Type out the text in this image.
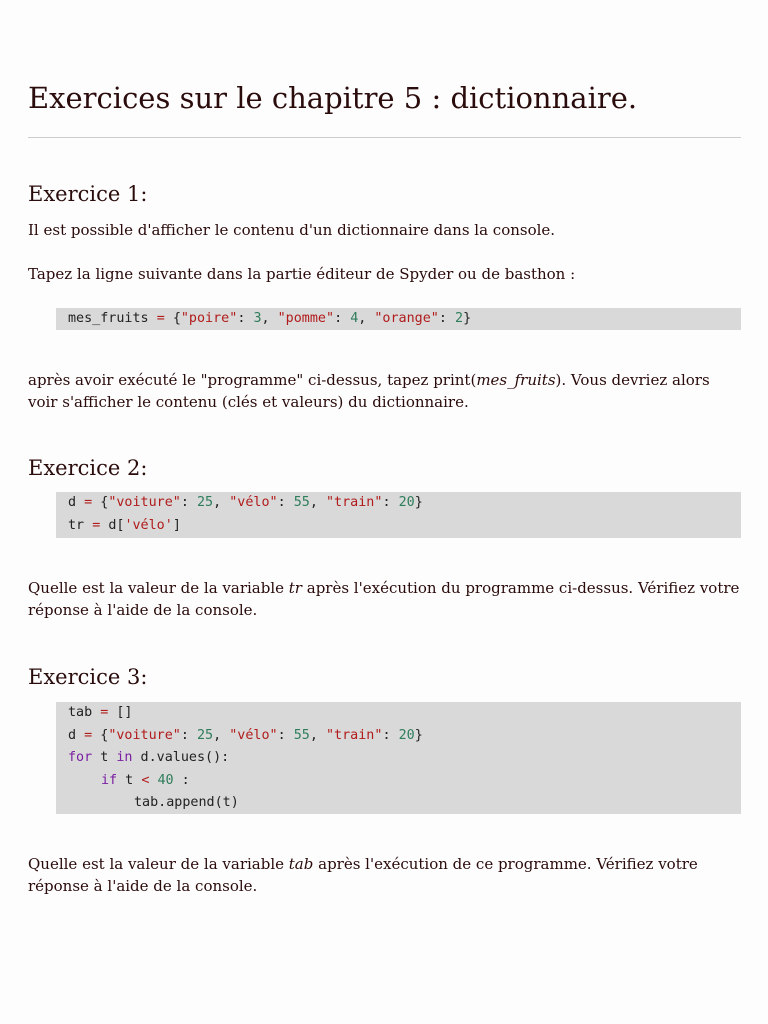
Exercices sur le chapitre 5 : dictionnaire.
Exercice 1:

Il est possible d'afficher le contenu d'un dictionnaire dans la console.

Tapez la ligne suivante dans la partie éditeur de Spyder ou de basthon :

mes_fruits = {"poire": 3, "pomme": 4, "orange": 2}

après avoir exécuté le "programme" ci-dessus, tapez print(mes_fruits). Vous devriez alors voir s'afficher le contenu (clés et valeurs) du dictionnaire.

Exercice 2:
d = {"voiture": 25, "vélo": 55, "train": 20}
tr = d['vélo']

Quelle est la valeur de la variable tr après l'exécution du programme ci-dessus. Vérifiez votre réponse à l'aide de la console.

Exercice 3:
tab = []
d = {"voiture": 25, "vélo": 55, "train": 20}
for t in d.values():
if t < 40 :
tab.append(t)

Quelle est la valeur de la variable tab après l'exécution de ce programme. Vérifiez votre réponse à l'aide de la console.
